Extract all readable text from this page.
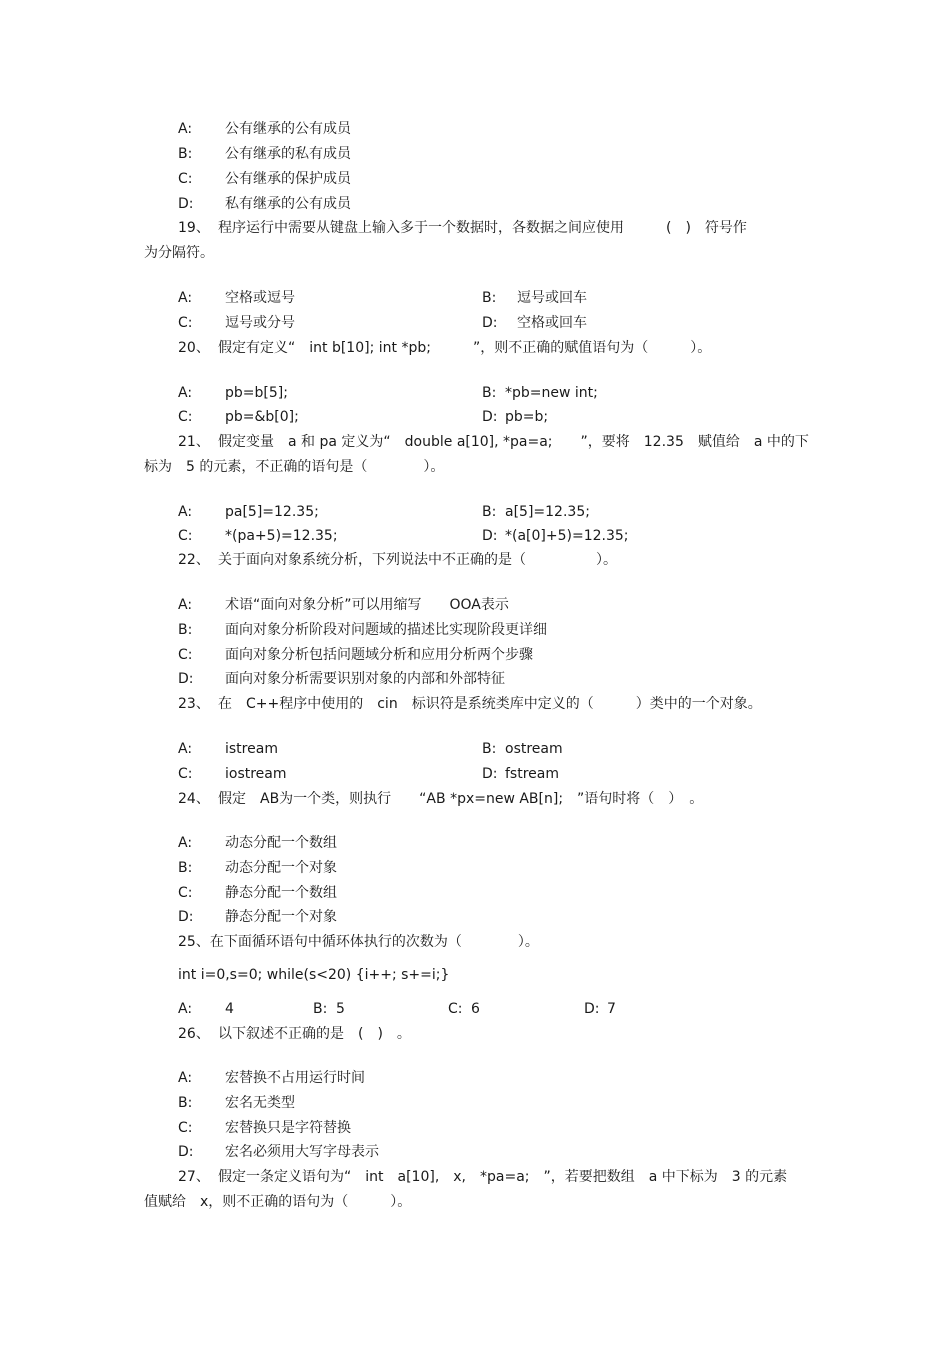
A: 公有继承的公有成员
B: 公有继承的私有成员
C: 公有继承的保护成员
D: 私有继承的公有成员
19、 程序运行中需要从键盘上输入多于一个数据时，各数据之间应使用　　　(　)　符号作
为分隔符。
A: 空格或逗号	B: 逗号或回车
C: 逗号或分号	D: 空格或回车
20、 假定有定义“　int b[10]; int *pb;　　　”，则不正确的赋值语句为（　　　）。
A: pb=b[5];	B: *pb=new int;
C: pb=&b[0];	D: pb=b;
21、 假定变量　a 和 pa 定义为“　double a[10], *pa=a;　　”，要将　12.35　赋值给　a 中的下
标为　5 的元素，不正确的语句是（　　　　）。
A: pa[5]=12.35;	B: a[5]=12.35;
C: *(pa+5)=12.35;	D: *(a[0]+5)=12.35;
22、 关于面向对象系统分析，下列说法中不正确的是（　　　　　）。
A: 术语“面向对象分析”可以用缩写　　OOA表示
B: 面向对象分析阶段对问题域的描述比实现阶段更详细
C: 面向对象分析包括问题域分析和应用分析两个步骤
D: 面向对象分析需要识别对象的内部和外部特征
23、 在　C++程序中使用的　cin　标识符是系统类库中定义的（　　　）类中的一个对象。
A: istream	B: ostream
C: iostream	D: fstream
24、 假定　AB为一个类，则执行　　“AB *px=new AB[n];　”语句时将（　）　。
A: 动态分配一个数组
B: 动态分配一个对象
C: 静态分配一个数组
D: 静态分配一个对象
25、在下面循环语句中循环体执行的次数为（　　　　）。
int i=0,s=0; while(s<20) {i++; s+=i;}
A: 4	B: 5	C: 6	D: 7
26、 以下叙述不正确的是　(　)　。
A: 宏替换不占用运行时间
B: 宏名无类型
C: 宏替换只是字符替换
D: 宏名必须用大写字母表示
27、 假定一条定义语句为“　int　a[10],　x,　*pa=a;　”，若要把数组　a 中下标为　3 的元素
值赋给　x，则不正确的语句为（　　　）。
